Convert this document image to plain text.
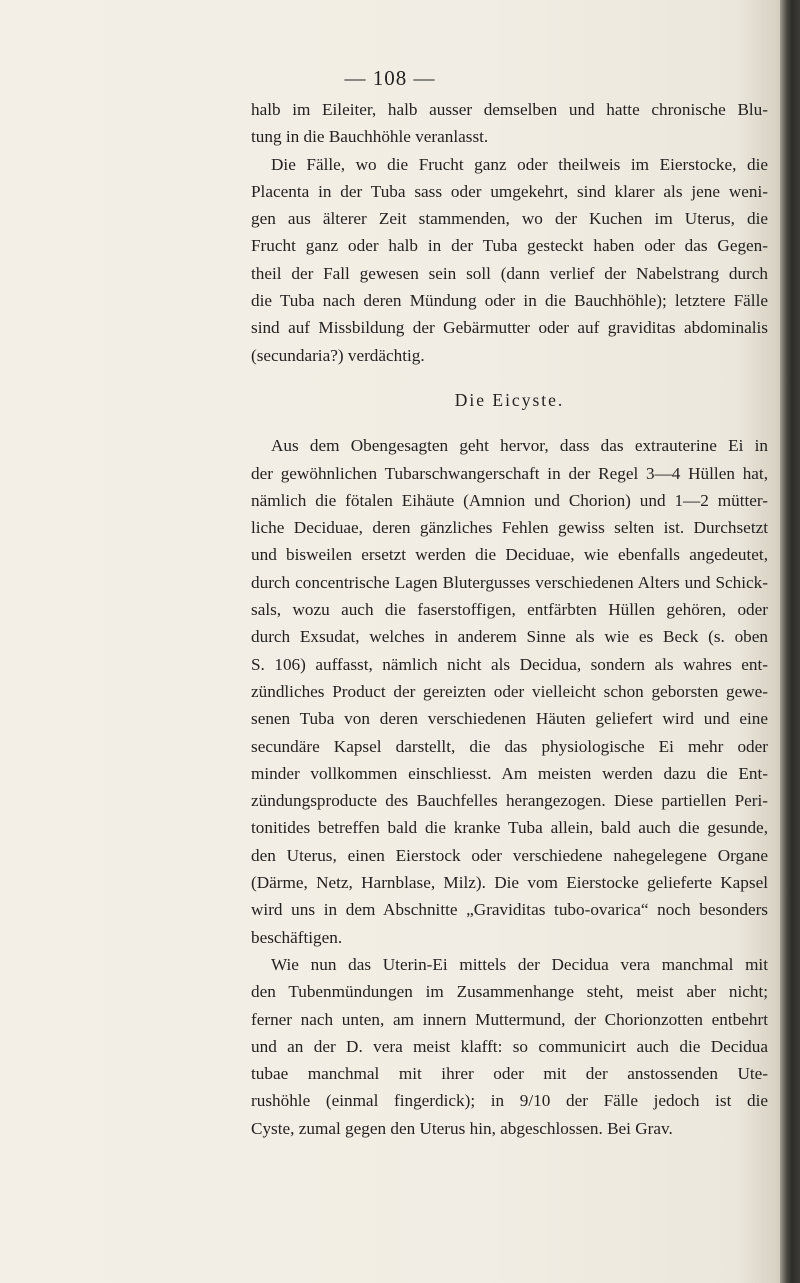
— 108 —

halb im Eileiter, halb ausser demselben und hatte chronische Blu-

tung in die Bauchhöhle veranlasst.

Die Fälle, wo die Frucht ganz oder theilweis im Eierstocke, die

Placenta in der Tuba sass oder umgekehrt, sind klarer als jene weni-

gen aus älterer Zeit stammenden, wo der Kuchen im Uterus, die

Frucht ganz oder halb in der Tuba gesteckt haben oder das Gegen-

theil der Fall gewesen sein soll (dann verlief der Nabelstrang durch

die Tuba nach deren Mündung oder in die Bauchhöhle); letztere Fälle

sind auf Missbildung der Gebärmutter oder auf graviditas abdominalis

(secundaria?) verdächtig.

Die Eicyste.

Aus dem Obengesagten geht hervor, dass das extrauterine Ei in

der gewöhnlichen Tubarschwangerschaft in der Regel 3—4 Hüllen hat,

nämlich die fötalen Eihäute (Amnion und Chorion) und 1—2 mütter-

liche Deciduae, deren gänzliches Fehlen gewiss selten ist. Durchsetzt

und bisweilen ersetzt werden die Deciduae, wie ebenfalls angedeutet,

durch concentrische Lagen Blutergusses verschiedenen Alters und Schick-

sals, wozu auch die faserstoffigen, entfärbten Hüllen gehören, oder

durch Exsudat, welches in anderem Sinne als wie es Beck (s. oben

S. 106) auffasst, nämlich nicht als Decidua, sondern als wahres ent-

zündliches Product der gereizten oder vielleicht schon geborsten gewe-

senen Tuba von deren verschiedenen Häuten geliefert wird und eine

secundäre Kapsel darstellt, die das physiologische Ei mehr oder

minder vollkommen einschliesst. Am meisten werden dazu die Ent-

zündungsproducte des Bauchfelles herangezogen. Diese partiellen Peri-

tonitides betreffen bald die kranke Tuba allein, bald auch die gesunde,

den Uterus, einen Eierstock oder verschiedene nahegelegene Organe

(Därme, Netz, Harnblase, Milz). Die vom Eierstocke gelieferte Kapsel

wird uns in dem Abschnitte „Graviditas tubo-ovarica“ noch besonders

beschäftigen.

Wie nun das Uterin-Ei mittels der Decidua vera manchmal mit

den Tubenmündungen im Zusammenhange steht, meist aber nicht;

ferner nach unten, am innern Muttermund, der Chorionzotten entbehrt

und an der D. vera meist klafft: so communicirt auch die Decidua

tubae manchmal mit ihrer oder mit der anstossenden Ute-

rushöhle (einmal fingerdick); in 9/10 der Fälle jedoch ist die

Cyste, zumal gegen den Uterus hin, abgeschlossen. Bei Grav.
